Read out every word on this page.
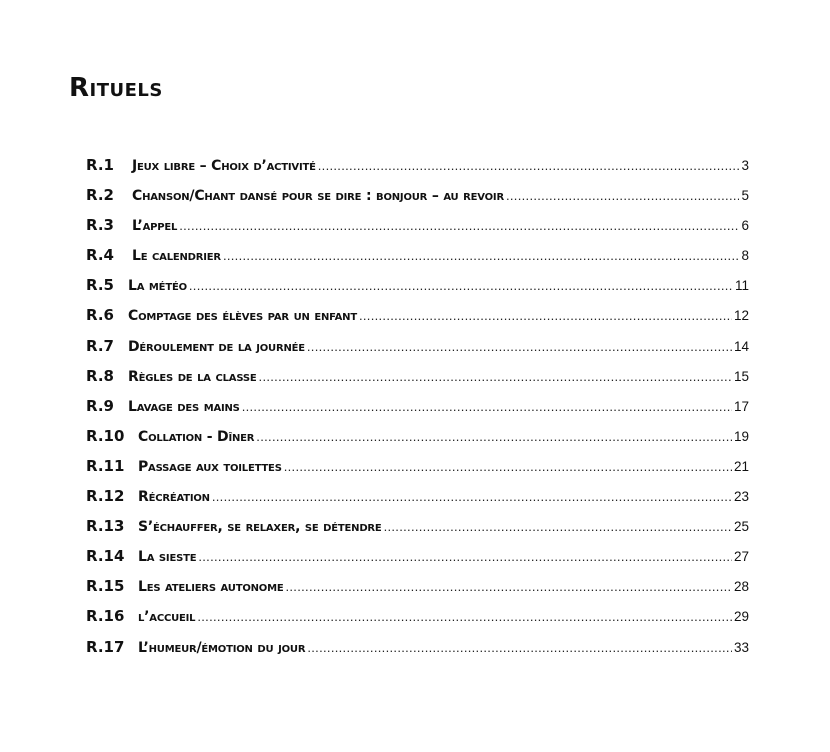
Rituels
R.1	Jeux libre – Choix d’activité .....	3
R.2	Chanson/Chant dansé pour se dire : bonjour – au revoir .....	5
R.3	L’appel .....	6
R.4	Le calendrier .....	8
R.5	La météo .....	11
R.6	Comptage des élèves par un enfant .....	12
R.7	Déroulement de la journée .....	14
R.8	Règles de la classe .....	15
R.9	Lavage des mains .....	17
R.10 Collation - Dîner .....	19
R.11 Passage aux toilettes .....	21
R.12 Récréation .....	23
R.13 S’échauffer, se relaxer, se détendre .....	25
R.14 La sieste .....	27
R.15 Les ateliers autonome .....	28
R.16 l’accueil .....	29
R.17 L’humeur/émotion du jour .....	33
